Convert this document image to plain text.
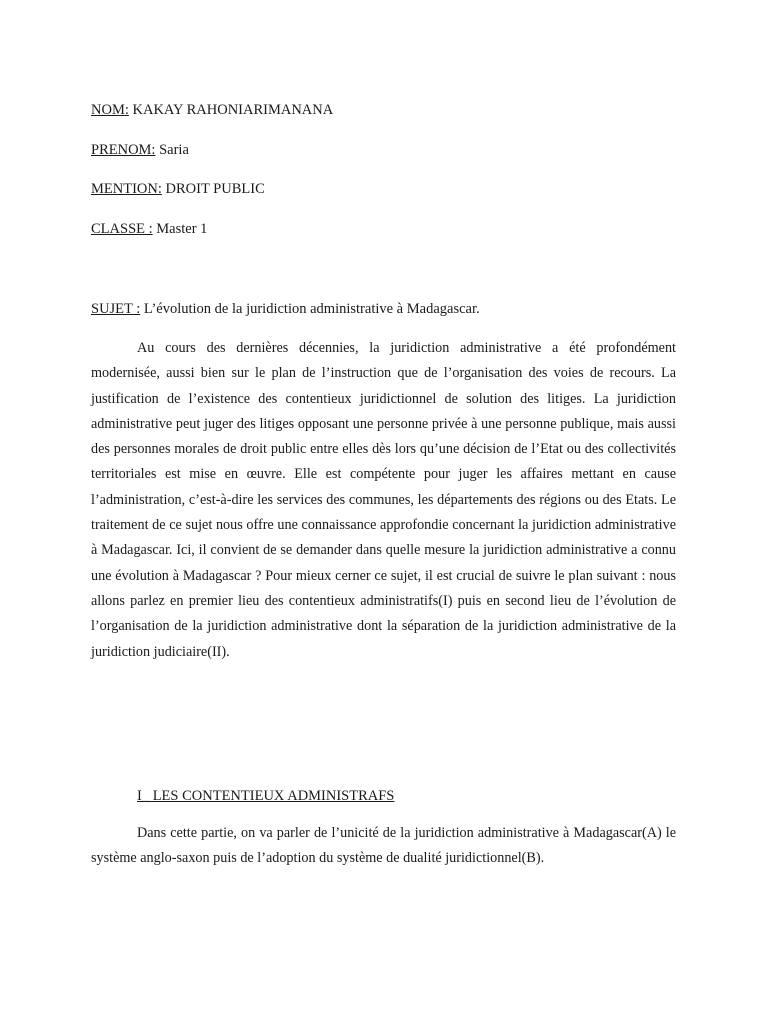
NOM: KAKAY RAHONIARIMANANA
PRENOM: Saria
MENTION: DROIT PUBLIC
CLASSE : Master 1
SUJET : L’évolution de la juridiction administrative à Madagascar.

Au cours des dernières décennies, la juridiction administrative a été profondément modernisée, aussi bien sur le plan de l’instruction que de l’organisation des voies de recours. La justification de l’existence des contentieux juridictionnel de solution des litiges. La juridiction administrative peut juger des litiges opposant une personne privée à une personne publique, mais aussi des personnes morales de droit public entre elles dès lors qu’une décision de l’Etat ou des collectivités territoriales est mise en œuvre. Elle est compétente pour juger les affaires mettant en cause l’administration, c’est-à-dire les services des communes, les départements des régions ou des Etats. Le traitement de ce sujet nous offre une connaissance approfondie concernant la juridiction administrative à Madagascar. Ici, il convient de se demander dans quelle mesure la juridiction administrative a connu une évolution à Madagascar ? Pour mieux cerner ce sujet, il est crucial de suivre le plan suivant : nous allons parlez en premier lieu des contentieux administratifs(I) puis en second lieu de l’évolution de l’organisation de la juridiction administrative dont la séparation de la juridiction administrative de la juridiction judiciaire(II).

I_ LES CONTENTIEUX ADMINISTRAFS

Dans cette partie, on va parler de l’unicité de la juridiction administrative à Madagascar(A) le système anglo-saxon puis de l’adoption du système de dualité juridictionnel(B).
